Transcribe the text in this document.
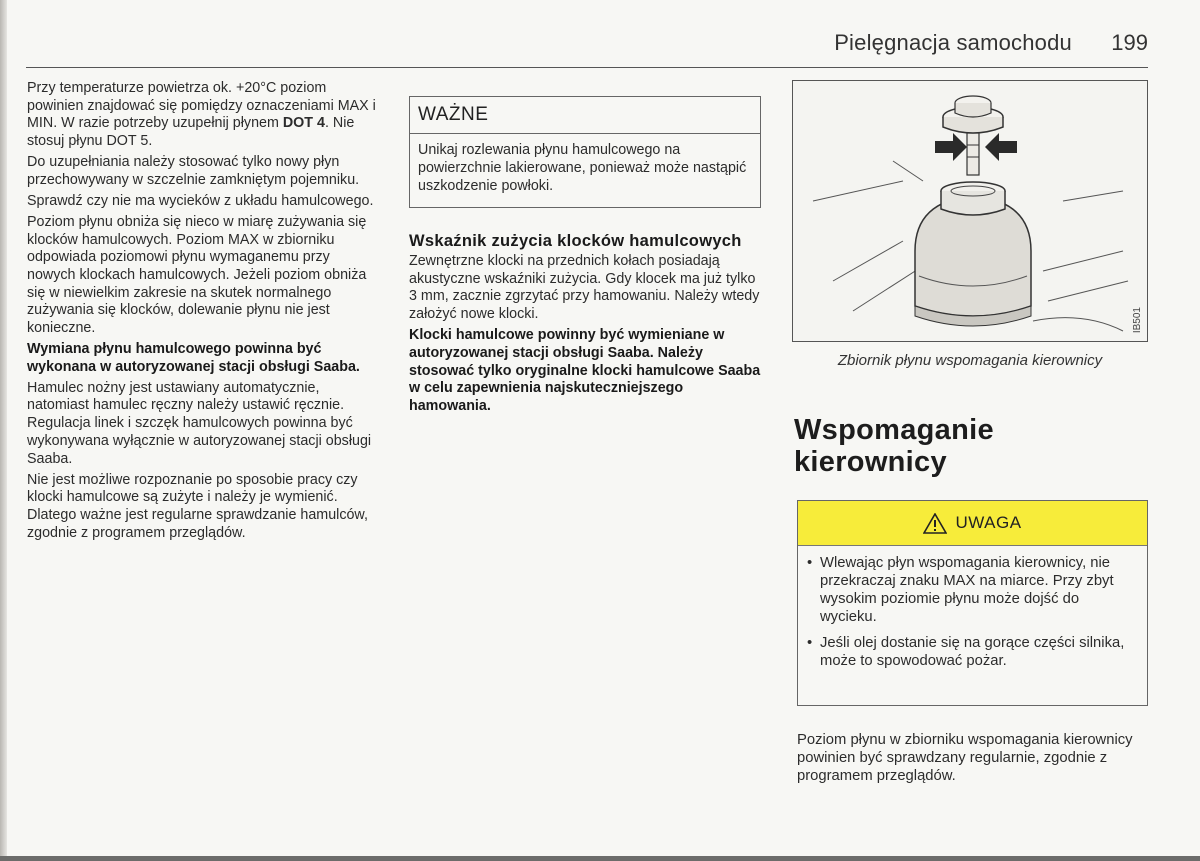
Pielęgnacja samochodu	199

Przy temperaturze powietrza ok. +20°C poziom powinien znajdować się pomiędzy oznaczeniami MAX i MIN. W razie potrzeby uzupełnij płynem DOT 4. Nie stosuj płynu DOT 5.

Do uzupełniania należy stosować tylko nowy płyn przechowywany w szczelnie zamkniętym pojemniku.

Sprawdź czy nie ma wycieków z układu hamulcowego.

Poziom płynu obniża się nieco w miarę zużywania się klocków hamulcowych. Poziom MAX w zbiorniku odpowiada poziomowi płynu wymaganemu przy nowych klockach hamulcowych. Jeżeli poziom obniża się w niewielkim zakresie na skutek normalnego zużywania się klocków, dolewanie płynu nie jest konieczne.

Wymiana płynu hamulcowego powinna być wykonana w autoryzowanej stacji obsługi Saaba.

Hamulec nożny jest ustawiany automatycznie, natomiast hamulec ręczny należy ustawić ręcznie. Regulacja linek i szczęk hamulcowych powinna być wykonywana wyłącznie w autoryzowanej stacji obsługi Saaba.

Nie jest możliwe rozpoznanie po sposobie pracy czy klocki hamulcowe są zużyte i należy je wymienić. Dlatego ważne jest regularne sprawdzanie hamulców, zgodnie z programem przeglądów.

WAŻNE
Unikaj rozlewania płynu hamulcowego na powierzchnie lakierowane, ponieważ może nastąpić uszkodzenie powłoki.
Wskaźnik zużycia klocków hamulcowych

Zewnętrzne klocki na przednich kołach posiadają akustyczne wskaźniki zużycia. Gdy klocek ma już tylko 3 mm, zacznie zgrzytać przy hamowaniu. Należy wtedy założyć nowe klocki.

Klocki hamulcowe powinny być wymieniane w autoryzowanej stacji obsługi Saaba. Należy stosować tylko oryginalne klocki hamulcowe Saaba w celu zapewnienia najskuteczniejszego hamowania.

IB501
Zbiornik płynu wspomagania kierownicy
Wspomaganie kierownicy
UWAGA
• Wlewając płyn wspomagania kierownicy, nie przekraczaj znaku MAX na miarce. Przy zbyt wysokim poziomie płynu może dojść do wycieku.
• Jeśli olej dostanie się na gorące części silnika, może to spowodować pożar.
Poziom płynu w zbiorniku wspomagania kierownicy powinien być sprawdzany regularnie, zgodnie z programem przeglądów.
